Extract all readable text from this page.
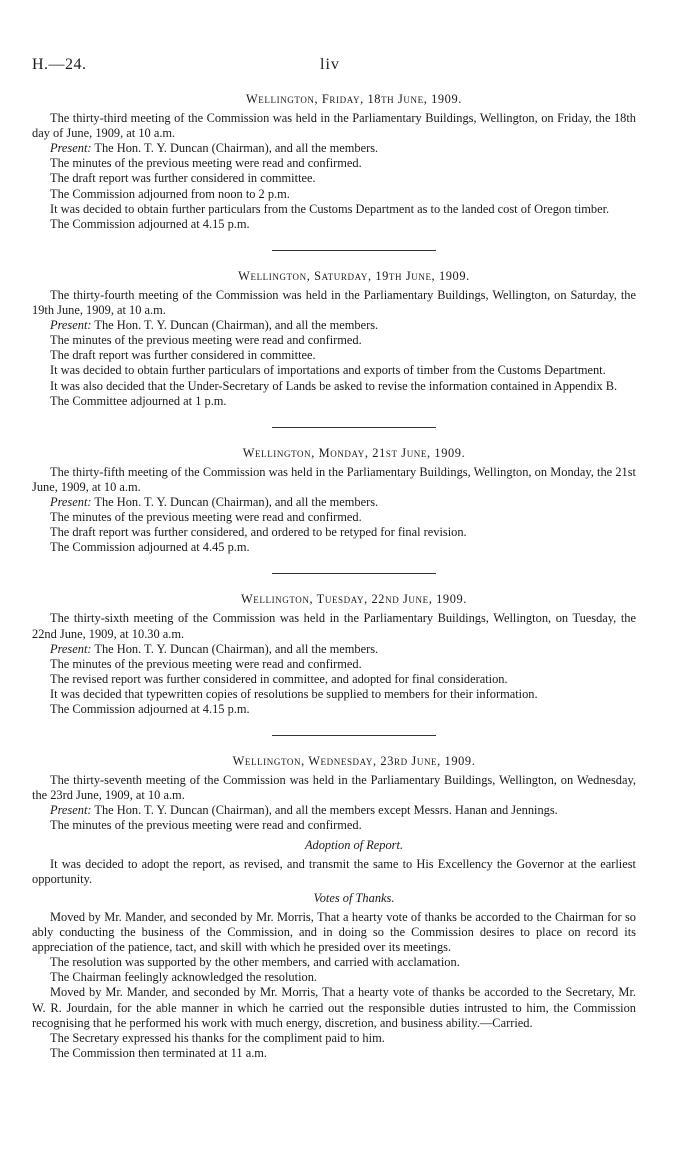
H.—24.	liv

Wellington, Friday, 18th June, 1909.

The thirty-third meeting of the Commission was held in the Parliamentary Buildings, Wellington, on Friday, the 18th day of June, 1909, at 10 a.m.

Present: The Hon. T. Y. Duncan (Chairman), and all the members.

The minutes of the previous meeting were read and confirmed.

The draft report was further considered in committee.

The Commission adjourned from noon to 2 p.m.

It was decided to obtain further particulars from the Customs Department as to the landed cost of Oregon timber.

The Commission adjourned at 4.15 p.m.

Wellington, Saturday, 19th June, 1909.

The thirty-fourth meeting of the Commission was held in the Parliamentary Buildings, Wellington, on Saturday, the 19th June, 1909, at 10 a.m.

Present: The Hon. T. Y. Duncan (Chairman), and all the members.

The minutes of the previous meeting were read and confirmed.

The draft report was further considered in committee.

It was decided to obtain further particulars of importations and exports of timber from the Customs Department.

It was also decided that the Under-Secretary of Lands be asked to revise the information contained in Appendix B.

The Committee adjourned at 1 p.m.

Wellington, Monday, 21st June, 1909.

The thirty-fifth meeting of the Commission was held in the Parliamentary Buildings, Wellington, on Monday, the 21st June, 1909, at 10 a.m.

Present: The Hon. T. Y. Duncan (Chairman), and all the members.

The minutes of the previous meeting were read and confirmed.

The draft report was further considered, and ordered to be retyped for final revision.

The Commission adjourned at 4.45 p.m.

Wellington, Tuesday, 22nd June, 1909.

The thirty-sixth meeting of the Commission was held in the Parliamentary Buildings, Wellington, on Tuesday, the 22nd June, 1909, at 10.30 a.m.

Present: The Hon. T. Y. Duncan (Chairman), and all the members.

The minutes of the previous meeting were read and confirmed.

The revised report was further considered in committee, and adopted for final consideration.

It was decided that typewritten copies of resolutions be supplied to members for their information.

The Commission adjourned at 4.15 p.m.

Wellington, Wednesday, 23rd June, 1909.

The thirty-seventh meeting of the Commission was held in the Parliamentary Buildings, Wellington, on Wednesday, the 23rd June, 1909, at 10 a.m.

Present: The Hon. T. Y. Duncan (Chairman), and all the members except Messrs. Hanan and Jennings.

The minutes of the previous meeting were read and confirmed.

Adoption of Report.

It was decided to adopt the report, as revised, and transmit the same to His Excellency the Governor at the earliest opportunity.

Votes of Thanks.

Moved by Mr. Mander, and seconded by Mr. Morris, That a hearty vote of thanks be accorded to the Chairman for so ably conducting the business of the Commission, and in doing so the Commission desires to place on record its appreciation of the patience, tact, and skill with which he presided over its meetings.

The resolution was supported by the other members, and carried with acclamation.

The Chairman feelingly acknowledged the resolution.

Moved by Mr. Mander, and seconded by Mr. Morris, That a hearty vote of thanks be accorded to the Secretary, Mr. W. R. Jourdain, for the able manner in which he carried out the responsible duties intrusted to him, the Commission recognising that he performed his work with much energy, discretion, and business ability.—Carried.

The Secretary expressed his thanks for the compliment paid to him.

The Commission then terminated at 11 a.m.
